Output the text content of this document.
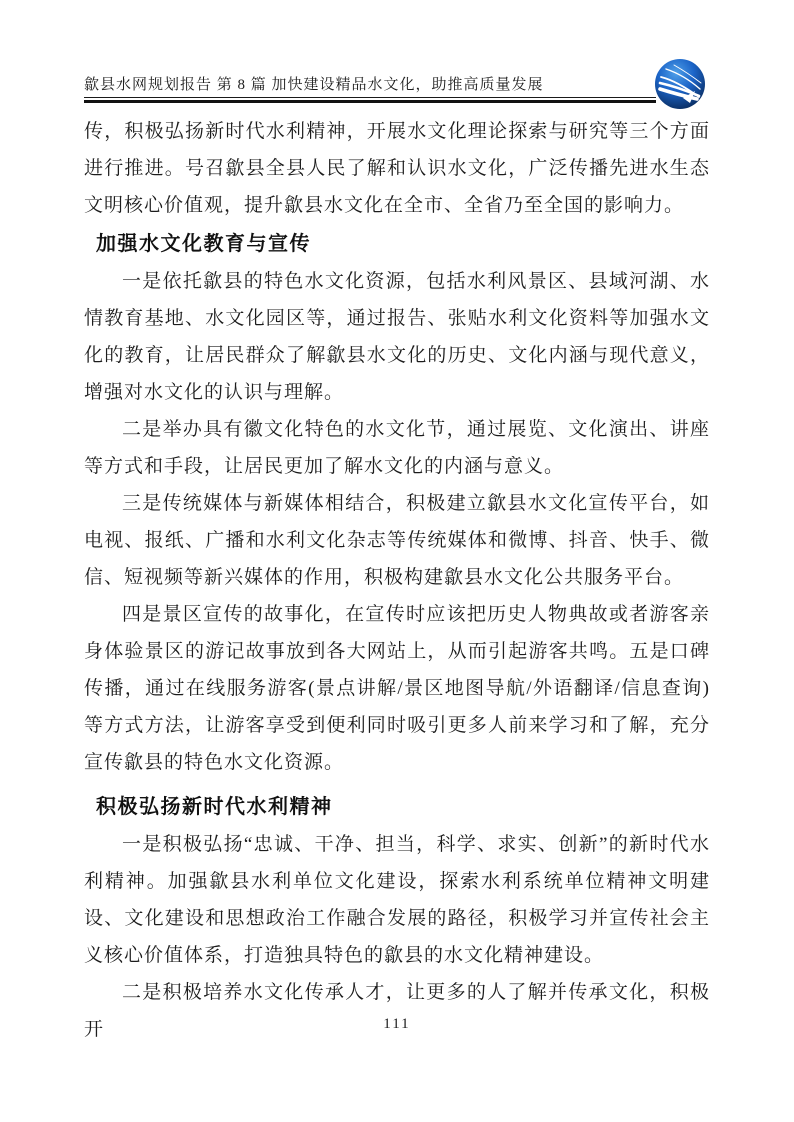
歙县水网规划报告 第 8 篇 加快建设精品水文化，助推高质量发展

传，积极弘扬新时代水利精神，开展水文化理论探索与研究等三个方面进行推进。号召歙县全县人民了解和认识水文化，广泛传播先进水生态文明核心价值观，提升歙县水文化在全市、全省乃至全国的影响力。

加强水文化教育与宣传

一是依托歙县的特色水文化资源，包括水利风景区、县域河湖、水情教育基地、水文化园区等，通过报告、张贴水利文化资料等加强水文化的教育，让居民群众了解歙县水文化的历史、文化内涵与现代意义，增强对水文化的认识与理解。

二是举办具有徽文化特色的水文化节，通过展览、文化演出、讲座等方式和手段，让居民更加了解水文化的内涵与意义。

三是传统媒体与新媒体相结合，积极建立歙县水文化宣传平台，如电视、报纸、广播和水利文化杂志等传统媒体和微博、抖音、快手、微信、短视频等新兴媒体的作用，积极构建歙县水文化公共服务平台。

四是景区宣传的故事化，在宣传时应该把历史人物典故或者游客亲身体验景区的游记故事放到各大网站上，从而引起游客共鸣。五是口碑传播，通过在线服务游客(景点讲解/景区地图导航/外语翻译/信息查询)等方式方法，让游客享受到便利同时吸引更多人前来学习和了解，充分宣传歙县的特色水文化资源。

积极弘扬新时代水利精神

一是积极弘扬“忠诚、干净、担当，科学、求实、创新”的新时代水利精神。加强歙县水利单位文化建设，探索水利系统单位精神文明建设、文化建设和思想政治工作融合发展的路径，积极学习并宣传社会主义核心价值体系，打造独具特色的歙县的水文化精神建设。

二是积极培养水文化传承人才，让更多的人了解并传承文化，积极开	111
